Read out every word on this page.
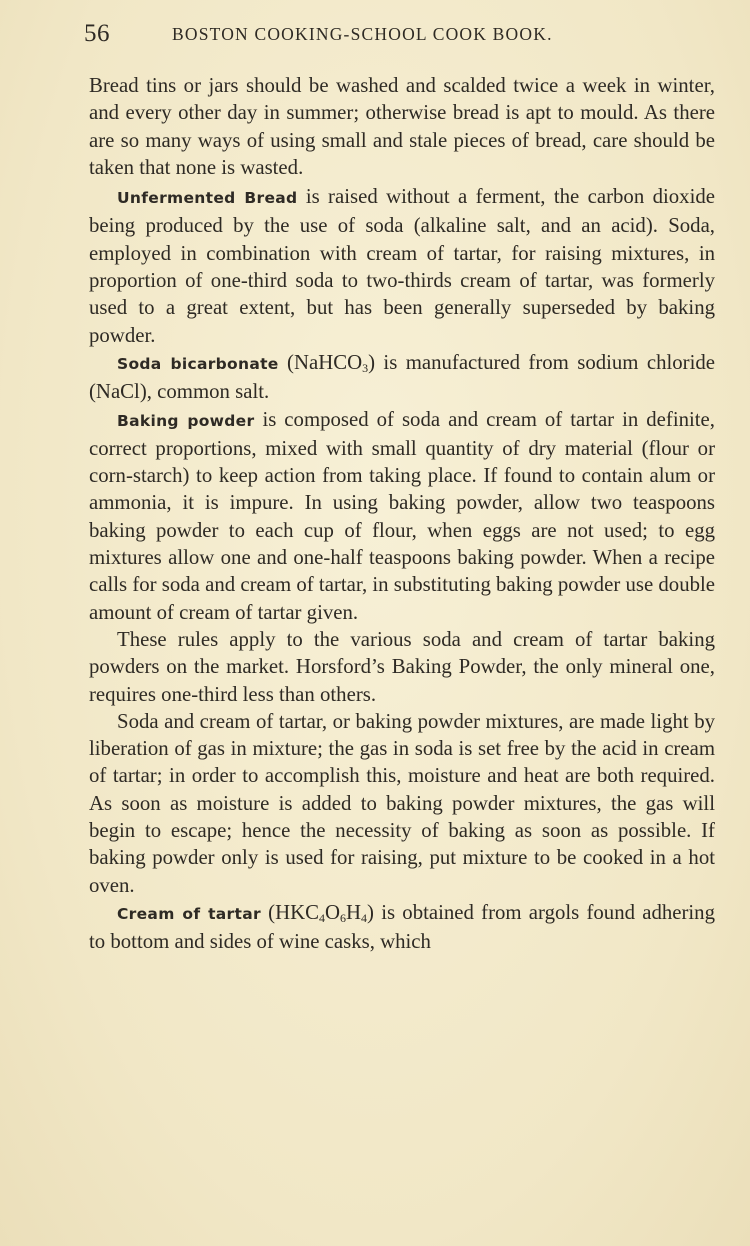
56	BOSTON COOKING-SCHOOL COOK BOOK.

Bread tins or jars should be washed and scalded twice a week in winter, and every other day in summer; otherwise bread is apt to mould. As there are so many ways of using small and stale pieces of bread, care should be taken that none is wasted.

Unfermented Bread is raised without a ferment, the carbon dioxide being produced by the use of soda (alkaline salt, and an acid). Soda, employed in combination with cream of tartar, for raising mixtures, in proportion of one-third soda to two-thirds cream of tartar, was formerly used to a great extent, but has been generally superseded by baking powder.

Soda bicarbonate (NaHCO$_3$) is manufactured from sodium chloride (NaCl), common salt.

Baking powder is composed of soda and cream of tartar in definite, correct proportions, mixed with small quantity of dry material (flour or corn-starch) to keep action from taking place. If found to contain alum or ammonia, it is impure. In using baking powder, allow two teaspoons baking powder to each cup of flour, when eggs are not used; to egg mixtures allow one and one-half teaspoons baking powder. When a recipe calls for soda and cream of tartar, in substituting baking powder use double amount of cream of tartar given.

These rules apply to the various soda and cream of tartar baking powders on the market. Horsford’s Baking Powder, the only mineral one, requires one-third less than others.

Soda and cream of tartar, or baking powder mixtures, are made light by liberation of gas in mixture; the gas in soda is set free by the acid in cream of tartar; in order to accomplish this, moisture and heat are both required. As soon as moisture is added to baking powder mixtures, the gas will begin to escape; hence the necessity of baking as soon as possible. If baking powder only is used for raising, put mixture to be cooked in a hot oven.

Cream of tartar $(HKC_4O_6H_4)$ is obtained from argols found adhering to bottom and sides of wine casks, which
